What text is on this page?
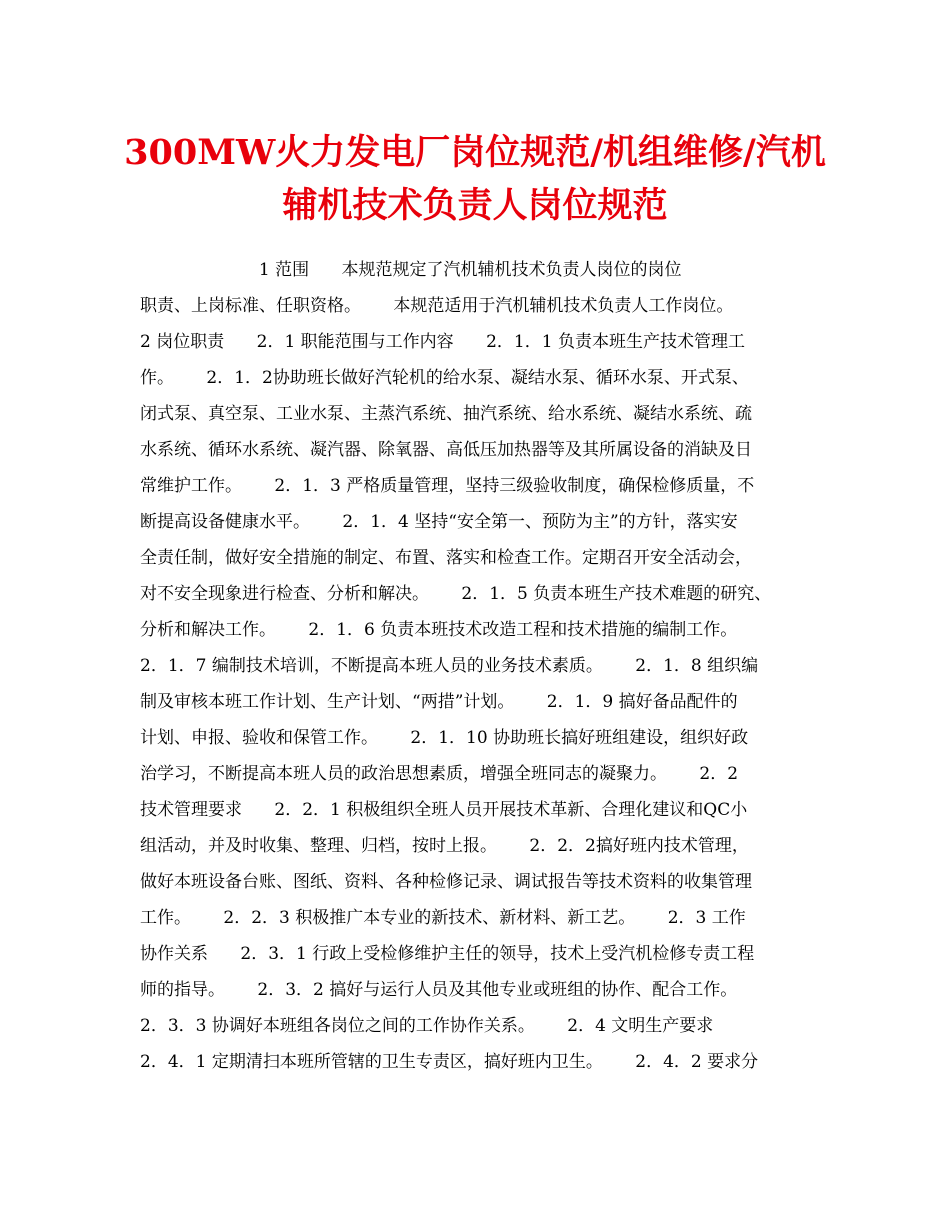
300MW火力发电厂岗位规范/机组维修/汽机
辅机技术负责人岗位规范
1 范围      本规范规定了汽机辅机技术负责人岗位的岗位
职责、上岗标准、任职资格。      本规范适用于汽机辅机技术负责人工作岗位。
2 岗位职责      2．1 职能范围与工作内容      2．1．1 负责本班生产技术管理工
作。      2．1．2协助班长做好汽轮机的给水泵、凝结水泵、循环水泵、开式泵、
闭式泵、真空泵、工业水泵、主蒸汽系统、抽汽系统、给水系统、凝结水系统、疏
水系统、循环水系统、凝汽器、除氧器、高低压加热器等及其所属设备的消缺及日
常维护工作。      2．1．3 严格质量管理，坚持三级验收制度，确保检修质量，不
断提高设备健康水平。      2．1．4 坚持“安全第一、预防为主”的方针，落实安
全责任制，做好安全措施的制定、布置、落实和检查工作。定期召开安全活动会，
对不安全现象进行检查、分析和解决。      2．1．5 负责本班生产技术难题的研究、
分析和解决工作。      2．1．6 负责本班技术改造工程和技术措施的编制工作。
2．1．7 编制技术培训，不断提高本班人员的业务技术素质。      2．1．8 组织编
制及审核本班工作计划、生产计划、“两措”计划。      2．1．9 搞好备品配件的
计划、申报、验收和保管工作。      2．1．10 协助班长搞好班组建设，组织好政
治学习，不断提高本班人员的政治思想素质，增强全班同志的凝聚力。      2．2
技术管理要求      2．2．1 积极组织全班人员开展技术革新、合理化建议和QC小
组活动，并及时收集、整理、归档，按时上报。      2．2．2搞好班内技术管理，
做好本班设备台账、图纸、资料、各种检修记录、调试报告等技术资料的收集管理
工作。      2．2．3 积极推广本专业的新技术、新材料、新工艺。      2．3 工作
协作关系      2．3．1 行政上受检修维护主任的领导，技术上受汽机检修专责工程
师的指导。      2．3．2 搞好与运行人员及其他专业或班组的协作、配合工作。
2．3．3 协调好本班组各岗位之间的工作协作关系。      2．4 文明生产要求
2．4．1 定期清扫本班所管辖的卫生专责区，搞好班内卫生。      2．4．2 要求分
